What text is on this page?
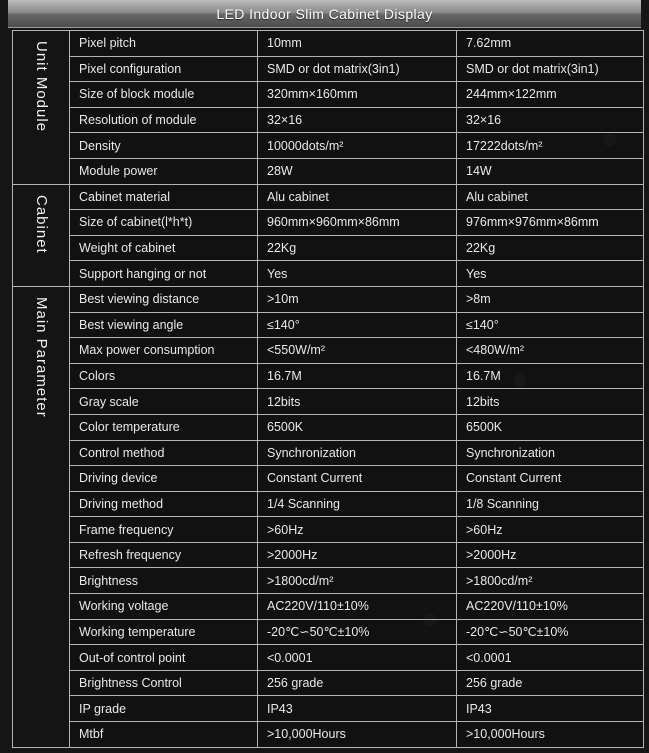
LED Indoor Slim Cabinet Display
Unit Module	Pixel pitch	10mm	7.62mm
	Pixel configuration	SMD or dot matrix(3in1)	SMD or dot matrix(3in1)
	Size of block module	320mm×160mm	244mm×122mm
	Resolution of module	32×16	32×16
	Density	10000dots/m²	17222dots/m²
	Module power	28W	14W
Cabinet	Cabinet material	Alu cabinet	Alu cabinet
	Size of cabinet(l*h*t)	960mm×960mm×86mm	976mm×976mm×86mm
	Weight of cabinet	22Kg	22Kg
	Support hanging or not	Yes	Yes
Main Parameter	Best viewing distance	>10m	>8m
	Best viewing angle	≤140°	≤140°
	Max power consumption	<550W/m²	<480W/m²
	Colors	16.7M	16.7M
	Gray scale	12bits	12bits
	Color temperature	6500K	6500K
	Control method	Synchronization	Synchronization
	Driving device	Constant Current	Constant Current
	Driving method	1/4 Scanning	1/8 Scanning
	Frame frequency	>60Hz	>60Hz
	Refresh frequency	>2000Hz	>2000Hz
	Brightness	>1800cd/m²	>1800cd/m²
	Working voltage	AC220V/110±10%	AC220V/110±10%
	Working temperature	-20℃∽50℃±10%	-20℃∽50℃±10%
	Out-of control point	<0.0001	<0.0001
	Brightness Control	256 grade	256 grade
	IP grade	IP43	IP43
	Mtbf	>10,000Hours	>10,000Hours
